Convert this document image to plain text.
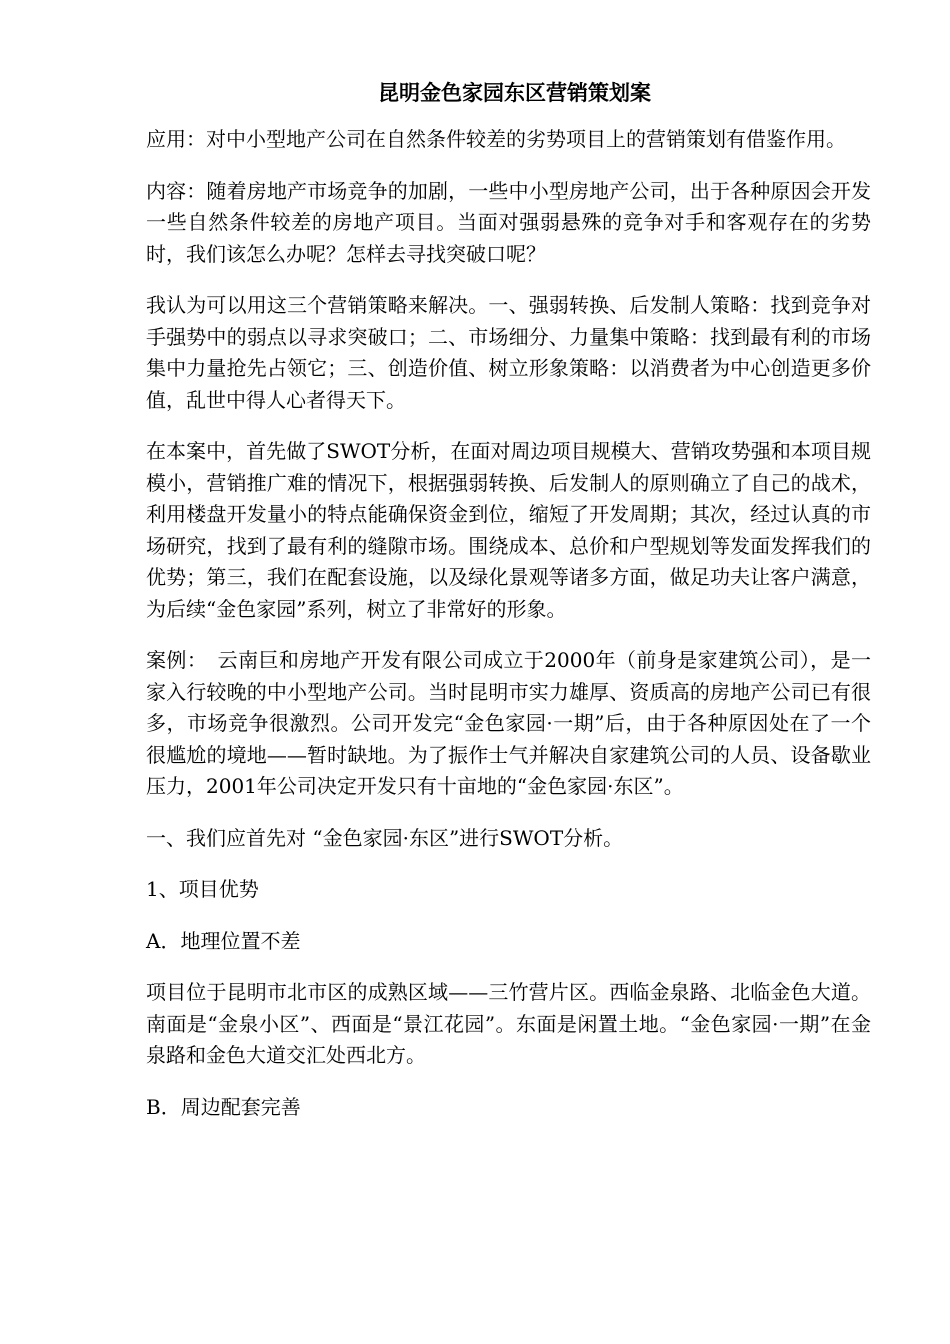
昆明金色家园东区营销策划案

应用：对中小型地产公司在自然条件较差的劣势项目上的营销策划有借鉴作用。

内容：随着房地产市场竞争的加剧，一些中小型房地产公司，出于各种原因会开发一些自然条件较差的房地产项目。当面对强弱悬殊的竞争对手和客观存在的劣势时，我们该怎么办呢？怎样去寻找突破口呢？

我认为可以用这三个营销策略来解决。一、强弱转换、后发制人策略：找到竞争对手强势中的弱点以寻求突破口；二、市场细分、力量集中策略：找到最有利的市场集中力量抢先占领它；三、创造价值、树立形象策略：以消费者为中心创造更多价值，乱世中得人心者得天下。

在本案中，首先做了SWOT分析，在面对周边项目规模大、营销攻势强和本项目规模小，营销推广难的情况下，根据强弱转换、后发制人的原则确立了自己的战术，利用楼盘开发量小的特点能确保资金到位，缩短了开发周期；其次，经过认真的市场研究，找到了最有利的缝隙市场。围绕成本、总价和户型规划等发面发挥我们的优势；第三，我们在配套设施，以及绿化景观等诸多方面，做足功夫让客户满意，为后续“金色家园”系列，树立了非常好的形象。

案例：　云南巨和房地产开发有限公司成立于2000年（前身是家建筑公司），是一家入行较晚的中小型地产公司。当时昆明市实力雄厚、资质高的房地产公司已有很多，市场竞争很激烈。公司开发完“金色家园·一期”后，由于各种原因处在了一个很尴尬的境地——暂时缺地。为了振作士气并解决自家建筑公司的人员、设备歇业压力，2001年公司决定开发只有十亩地的“金色家园·东区”。

一、我们应首先对 “金色家园·东区”进行SWOT分析。

1、项目优势

A．地理位置不差

项目位于昆明市北市区的成熟区域——三竹营片区。西临金泉路、北临金色大道。南面是“金泉小区”、西面是“景江花园”。东面是闲置土地。“金色家园·一期”在金泉路和金色大道交汇处西北方。

B．周边配套完善
